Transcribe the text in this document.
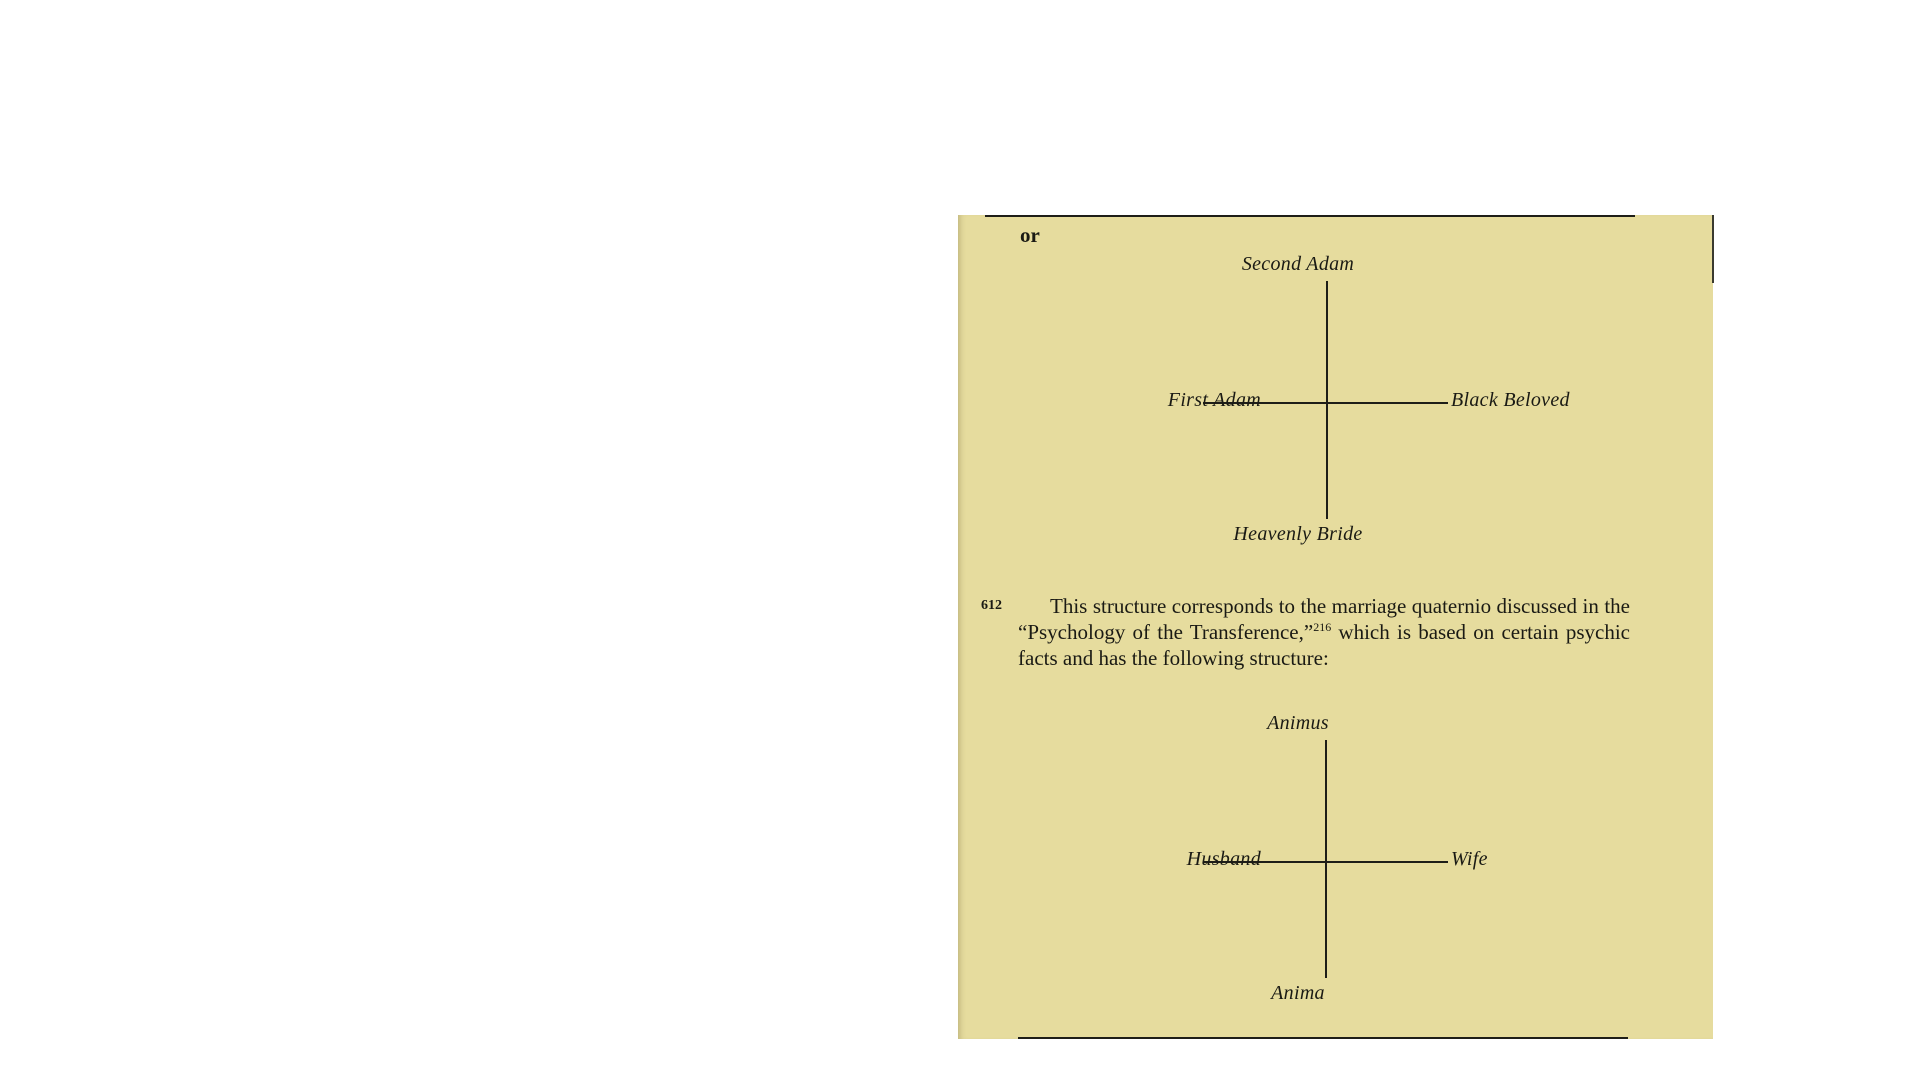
or
Second Adam
First Adam	Black Beloved
Heavenly Bride
612	This structure corresponds to the marriage quaternio discussed in the “Psychology of the Transference,”$^{216}$ which is based on certain psychic facts and has the following structure:
Animus
Husband	Wife
Anima
